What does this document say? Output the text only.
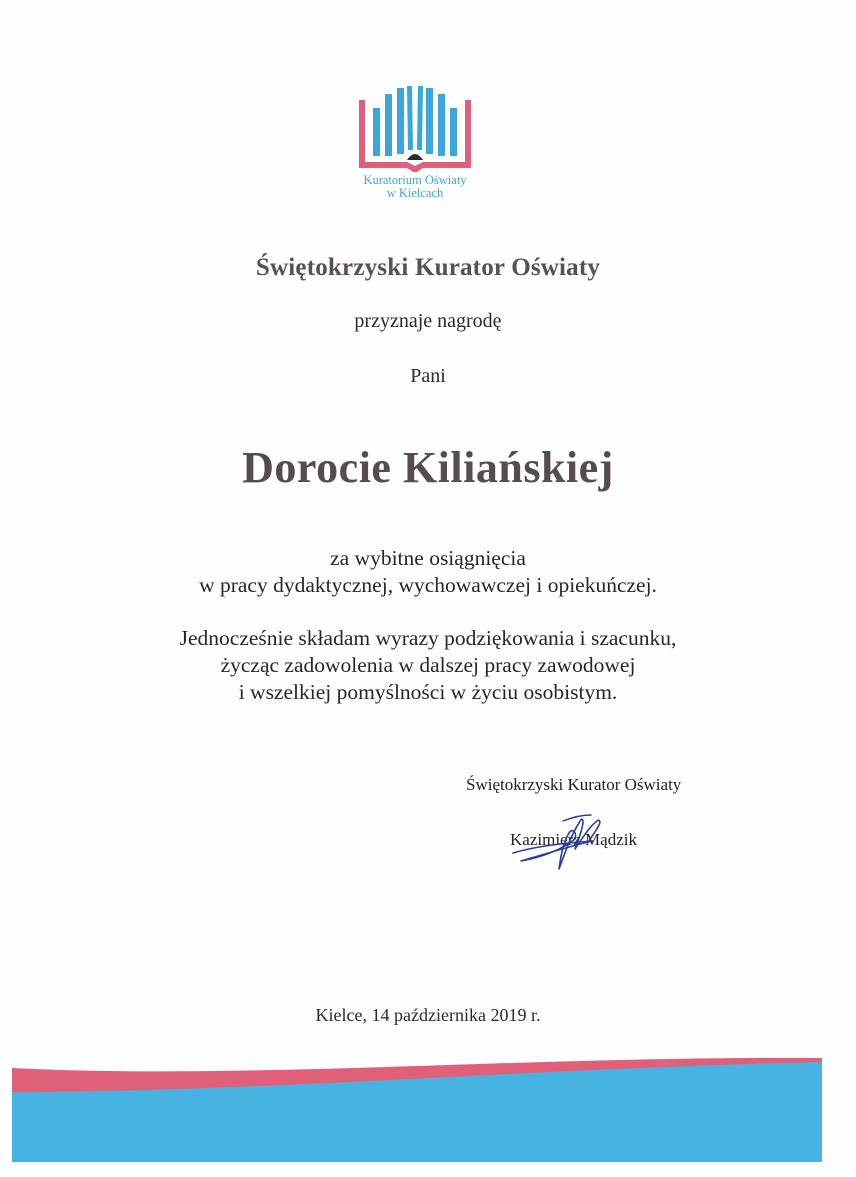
Kuratorium Oświaty
w Kielcach
Świętokrzyski Kurator Oświaty
przyznaje nagrodę
Pani
Dorocie Kiliańskiej
za wybitne osiągnięcia
w pracy dydaktycznej, wychowawczej i opiekuńczej.
Jednocześnie składam wyrazy podziękowania i szacunku,
życząc zadowolenia w dalszej pracy zawodowej
i wszelkiej pomyślności w życiu osobistym.
Świętokrzyski Kurator Oświaty
Kazimierz Mądzik
Kielce, 14 października 2019 r.
